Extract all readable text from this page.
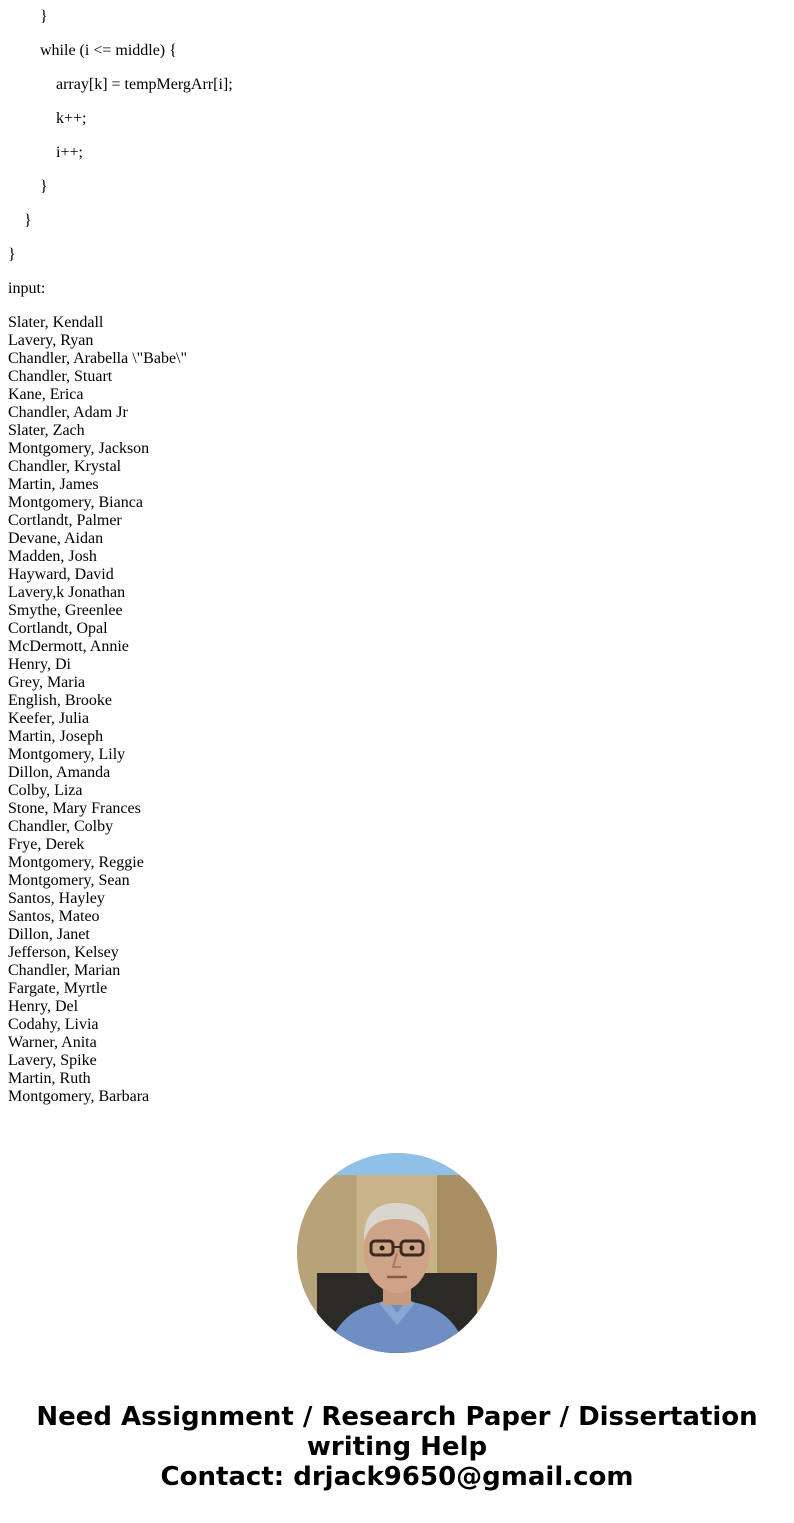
}
while (i <= middle) {
array[k] = tempMergArr[i];
k++;
i++;
}
}
}
input:
Slater, Kendall
Lavery, Ryan
Chandler, Arabella \"Babe\"
Chandler, Stuart
Kane, Erica
Chandler, Adam Jr
Slater, Zach
Montgomery, Jackson
Chandler, Krystal
Martin, James
Montgomery, Bianca
Cortlandt, Palmer
Devane, Aidan
Madden, Josh
Hayward, David
Lavery,k Jonathan
Smythe, Greenlee
Cortlandt, Opal
McDermott, Annie
Henry, Di
Grey, Maria
English, Brooke
Keefer, Julia
Martin, Joseph
Montgomery, Lily
Dillon, Amanda
Colby, Liza
Stone, Mary Frances
Chandler, Colby
Frye, Derek
Montgomery, Reggie
Montgomery, Sean
Santos, Hayley
Santos, Mateo
Dillon, Janet
Jefferson, Kelsey
Chandler, Marian
Fargate, Myrtle
Henry, Del
Codahy, Livia
Warner, Anita
Lavery, Spike
Martin, Ruth
Montgomery, Barbara
Need Assignment / Research Paper / Dissertation
writing Help
Contact: drjack9650@gmail.com
